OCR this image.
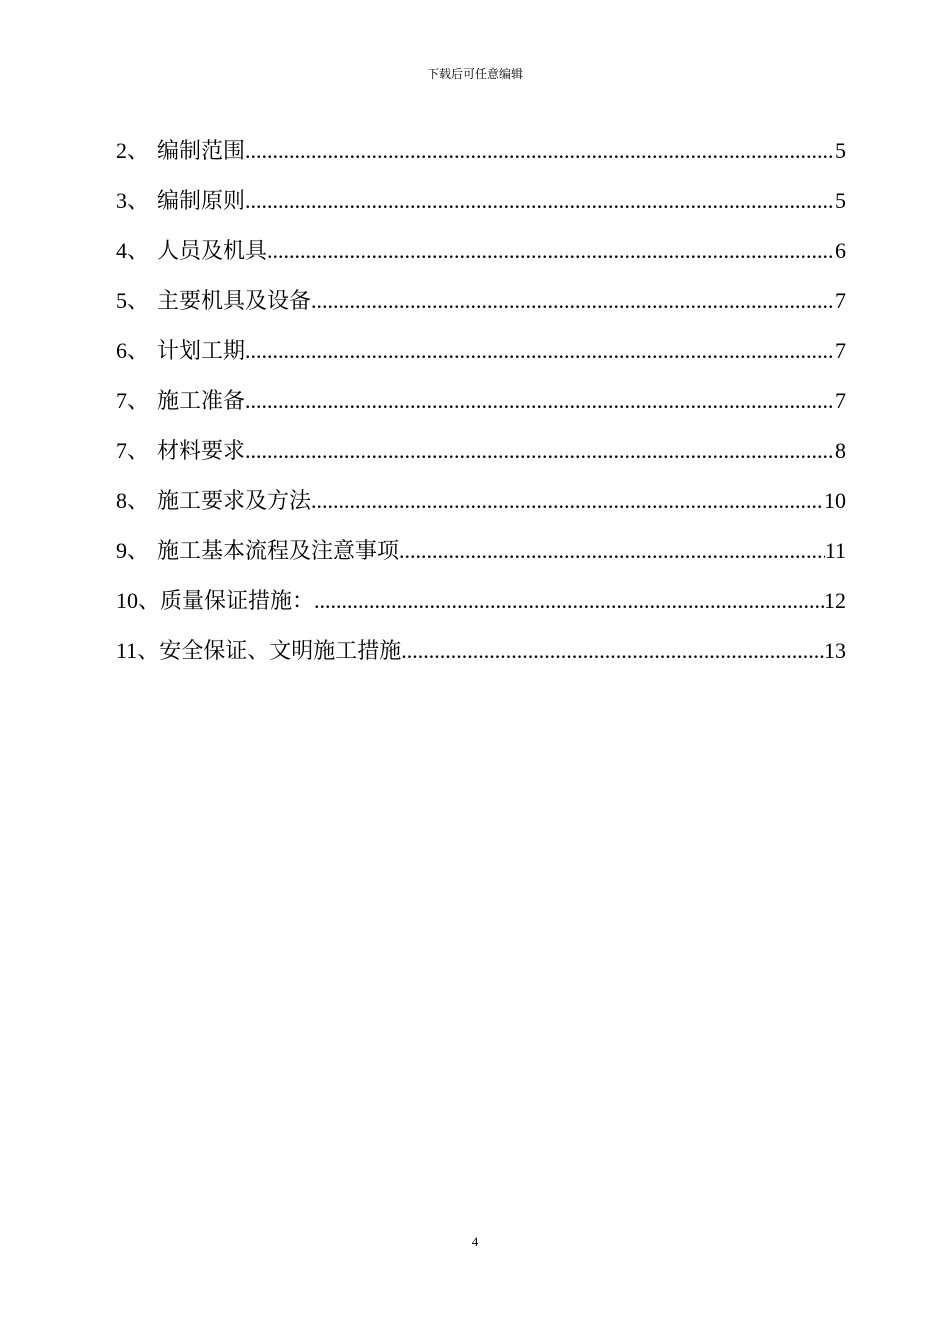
下载后可任意编辑
2 、 编制范围 .....	5
3 、 编制原则 .....	5
4 、 人员及机具 .....	6
5 、 主要机具及设备 .....	7
6 、 计划工期 .....	7
7 、 施工准备 .....	7
7 、 材料要求 .....	8
8 、 施工要求及方法 .....	10
9 、 施工基本流程及注意事项 .....	11
10 、 质量保证措施： .....	12
11 、 安全保证、文明施工措施 .....	13
4
